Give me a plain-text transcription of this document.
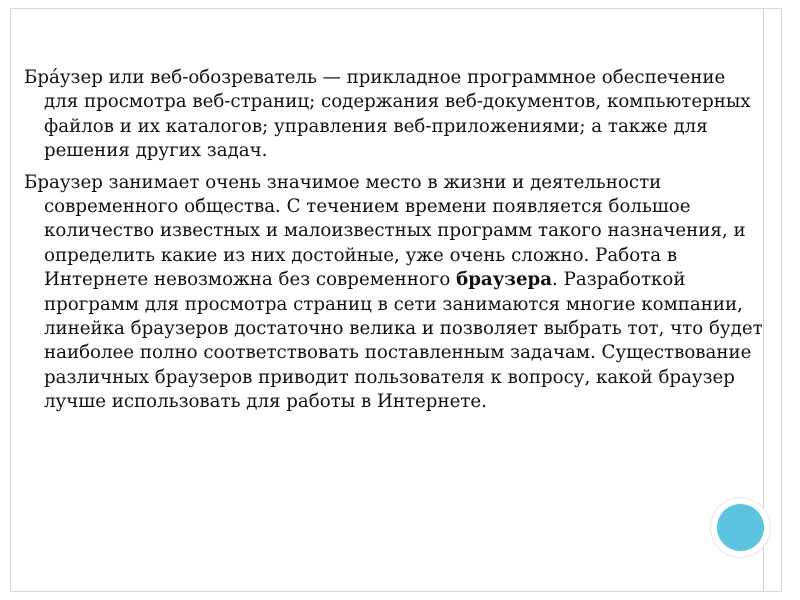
Бра́узер или веб-обозреватель — прикладное программное обеспечение для просмотра веб-страниц; содержания веб-документов, компьютерных файлов и их каталогов; управления веб-приложениями; а также для решения других задач.

Браузер занимает очень значимое место в жизни и деятельности современного общества. С течением времени появляется большое количество известных и малоизвестных программ такого назначения, и определить какие из них достойные, уже очень сложно. Работа в Интернете невозможна без современного браузера. Разработкой программ для просмотра страниц в сети занимаются многие компании, линейка браузеров достаточно велика и позволяет выбрать тот, что будет наиболее полно соответствовать поставленным задачам. Существование различных браузеров приводит пользователя к вопросу, какой браузер лучше использовать для работы в Интернете.
